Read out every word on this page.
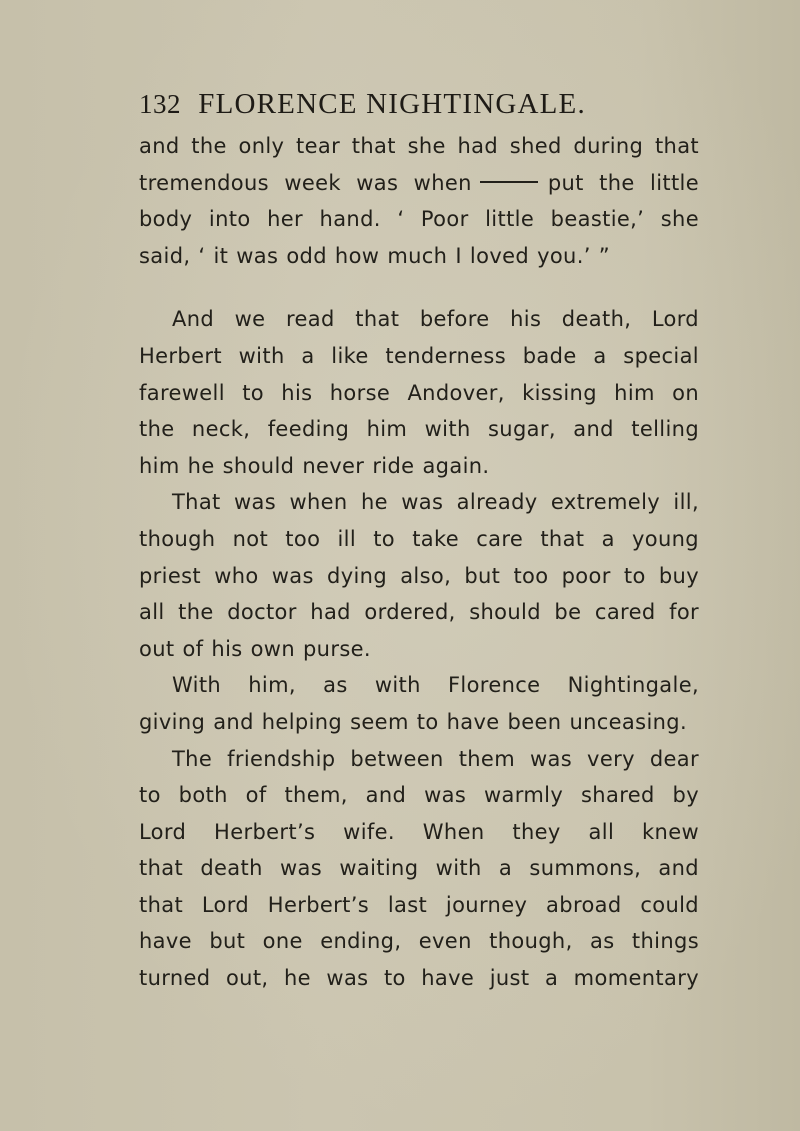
132 FLORENCE NIGHTINGALE.
and the only tear that she had shed during that
tremendous week was when	put the little
body into her hand. ‘ Poor little beastie,’ she
said, ‘ it was odd how much I loved you.’ ”
And we read that before his death, Lord
Herbert with a like tenderness bade a special
farewell to his horse Andover, kissing him on
the neck, feeding him with sugar, and telling
him he should never ride again.
That was when he was already extremely ill,
though not too ill to take care that a young
priest who was dying also, but too poor to buy
all the doctor had ordered, should be cared for
out of his own purse.
With him, as with Florence Nightingale,
giving and helping seem to have been unceasing.
The friendship between them was very dear
to both of them, and was warmly shared by
Lord Herbert’s wife. When they all knew
that death was waiting with a summons, and
that Lord Herbert’s last journey abroad could
have but one ending, even though, as things
turned out, he was to have just a momentary
